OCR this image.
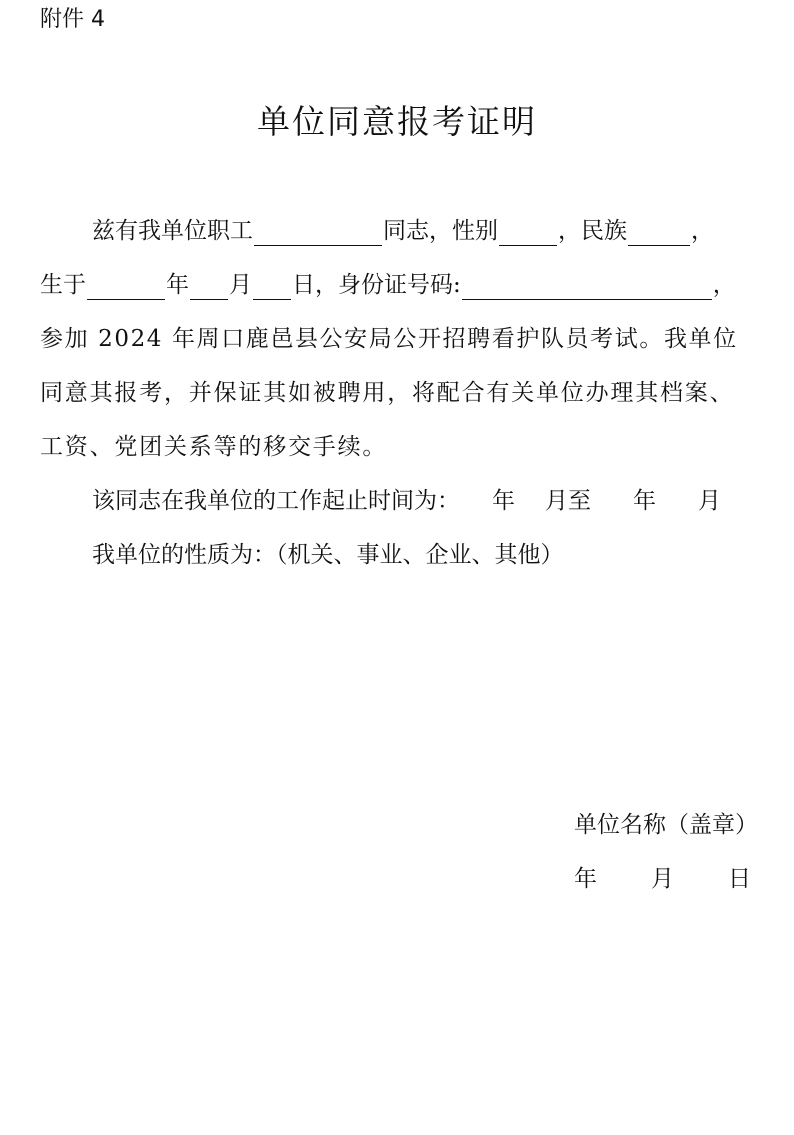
附件 4
单位同意报考证明
兹有我单位职工	同志，性别	，民族	，
生于	年 月 日，身份证号码:	，
参加 2024 年周口鹿邑县公安局公开招聘看护队员考试。我单位
同意其报考，并保证其如被聘用，将配合有关单位办理其档案、
工资、党团关系等的移交手续。
该同志在我单位的工作起止时间为： 年 月至 年 月
我单位的性质为：（机关、事业、企业、其他）
单位名称（盖章）
年 月 日
